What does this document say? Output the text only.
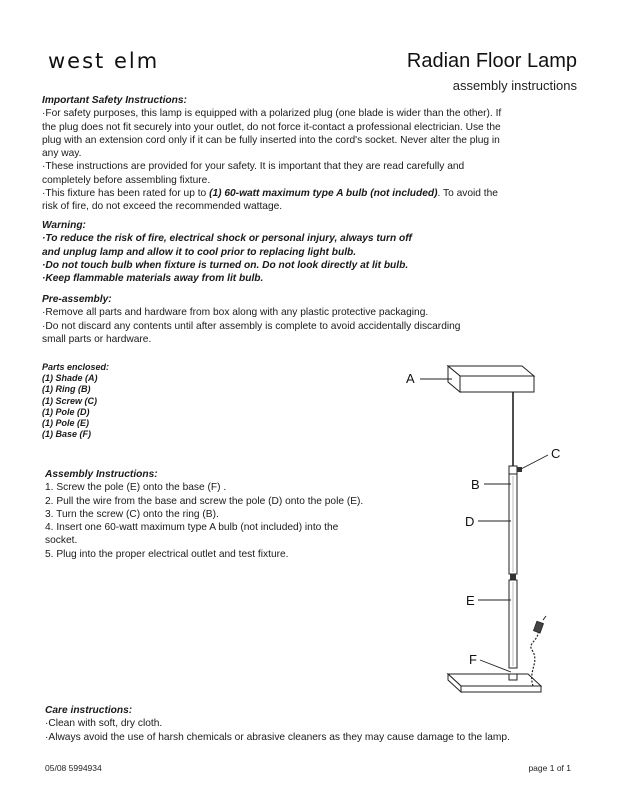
west elm	Radian Floor Lamp
assembly instructions
Important Safety Instructions:
·For safety purposes, this lamp is equipped with a polarized plug (one blade is wider than the other). If
the plug does not fit securely into your outlet, do not force it-contact a professional electrician. Use the
plug with an extension cord only if it can be fully inserted into the cord's socket. Never alter the plug in
any way.
·These instructions are provided for your safety. It is important that they are read carefully and
completely before assembling fixture.
·This fixture has been rated for up to (1) 60-watt maximum type A bulb (not included). To avoid the
risk of fire, do not exceed the recommended wattage.
Warning:
·To reduce the risk of fire, electrical shock or personal injury, always turn off
and unplug lamp and allow it to cool prior to replacing light bulb.
·Do not touch bulb when fixture is turned on. Do not look directly at lit bulb.
·Keep flammable materials away from lit bulb.
Pre-assembly:
·Remove all parts and hardware from box along with any plastic protective packaging.
·Do not discard any contents until after assembly is complete to avoid accidentally discarding
small parts or hardware.
Parts enclosed:
(1) Shade (A)
(1) Ring (B)
(1) Screw (C)
(1) Pole (D)
(1) Pole (E)
(1) Base (F)
Assembly Instructions:
1. Screw the pole (E) onto the base (F) .
2. Pull the wire from the base and screw the pole (D) onto the pole (E).
3. Turn the screw (C) onto the ring (B).
4. Insert one 60-watt maximum type A bulb (not included) into the
socket.
5. Plug into the proper electrical outlet and test fixture.
A
B
C
D
E
F
Care instructions:
·Clean with soft, dry cloth.
·Always avoid the use of harsh chemicals or abrasive cleaners as they may cause damage to the lamp.
05/08 5994934	page 1 of 1
